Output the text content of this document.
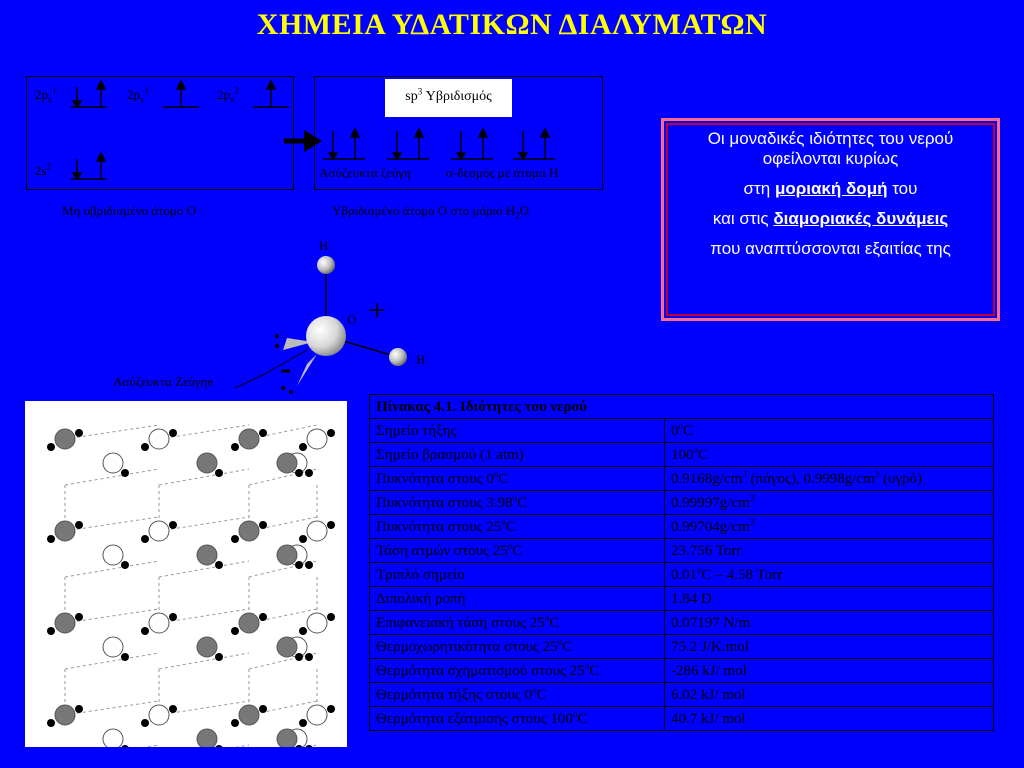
ΧΗΜΕΙΑ ΥΔΑΤΙΚΩΝ ΔΙΑΛΥΜΑΤΩΝ
$2p_z^1$	$2p_y^1$	$2p_x^2$
$2s^2$
Μη υβριδισμένο άτομο Ο
Ασύζευκτα ζεύγη	σ-δεσμός με άτομα Η
$sp^3$ Υβριδισμός
Υβριδισμένο άτομο Ο στο μόριο $H_2O$
H
O
H
+
-
Ασύζευκτα Ζεύγηe

Οι μοναδικές ιδιότητες του νερού οφείλονται κυρίως

στη μοριακή δομή του

και στις διαμοριακές δυνάμεις

που αναπτύσσονται εξαιτίας της

Πίνακας 4.1. Ιδιότητες του νερού	
Σημείο τήξης	0$^o$C
Σημείο βρασμού (1 atm)	100$^o$C
Πυκνότητα στους 0$^o$C	$0.9168g/cm^3$ (πάγος), $0.9998g/cm^3$ (υγρό)
Πυκνότητα στους 3.98$^o$C	$0.99997g/cm^3$
Πυκνότητα στους 25$^o$C	$0.99704g/cm^3$
Τάση ατμών στους 25$^o$C	23.756 Torr
Τριπλό σημείο	0.01$^o$C – 4.58 Torr
Διπολική ροπή	1.84 D
Επιφανειακή τάση στους 25$^o$C	0.07197 N/m
Θερμοχωρητικότητα στους 25$^o$C	75.2 J/K.mol
Θερμότητα σχηματισμού στους 25$^o$C	-286 kJ/ mol
Θερμότητα τήξης στους 0$^o$C	6.02 kJ/ mol
Θερμότητα εξάτμισης στους 100$^o$C	40.7 kJ/ mol
